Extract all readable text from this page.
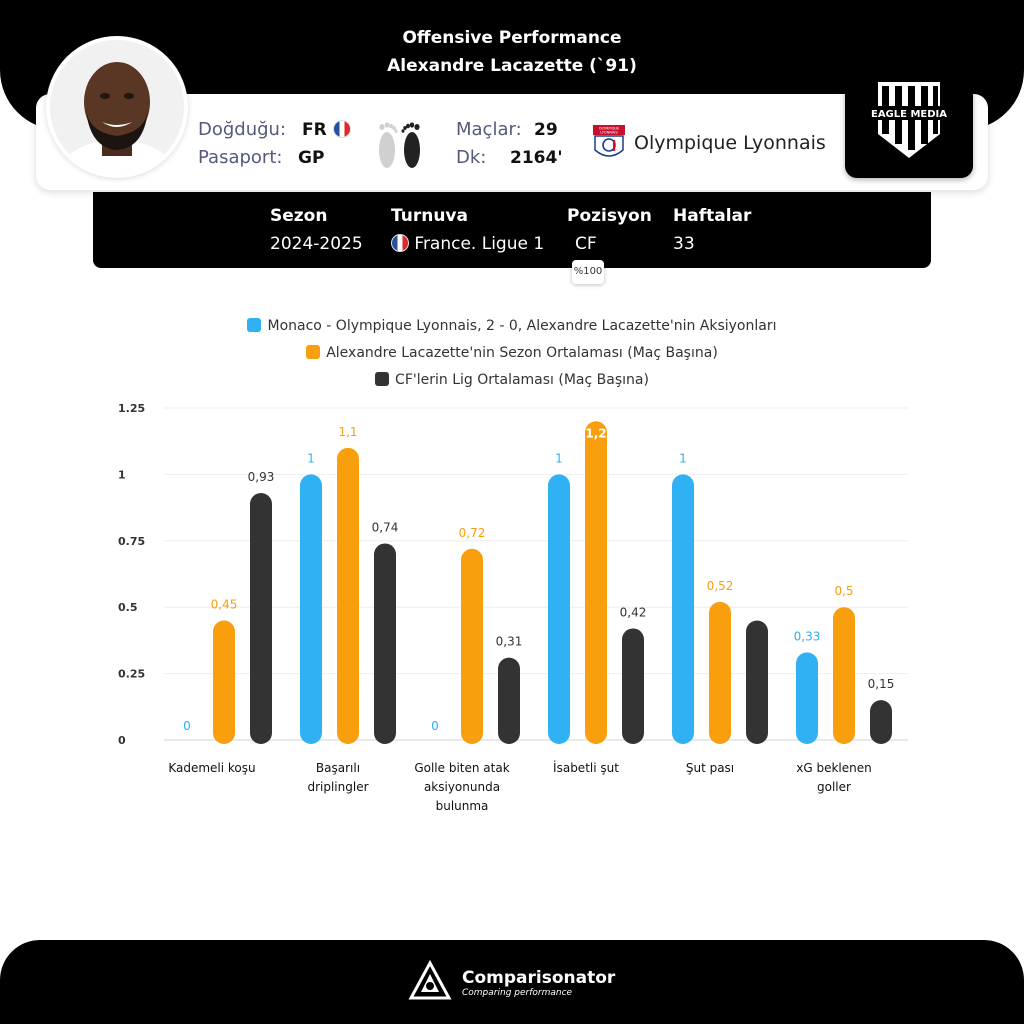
Offensive Performance
Alexandre Lacazette (`91)
Doğduğu: FR
Pasaport: GP
Maçlar: 29
Dk: 2164'
OLYMPIQUE
LYONNAIS Olympique Lyonnais
EAGLE MEDIA
Sezon
2024-2025
Turnuva
France. Ligue 1
Pozisyon
CF
Haftalar
33
%100
Monaco - Olympique Lyonnais, 2 - 0, Alexandre Lacazette'nin Aksiyonları
Alexandre Lacazette'nin Sezon Ortalaması (Maç Başına)
CF'lerin Lig Ortalaması (Maç Başına)
0
0.25
0.5
0.75
1
1.25
Kademeli koşu
0
0,45
0,93
Başarılı
driplingler
1
1,1
0,74
Golle biten atak
aksiyonunda
bulunma
0
0,72
0,31
İsabetli şut
1
1,2
0,42
Şut pası
1
0,52
xG beklenen
goller
0,33
0,5
0,15
Comparisonator
Comparing performance
